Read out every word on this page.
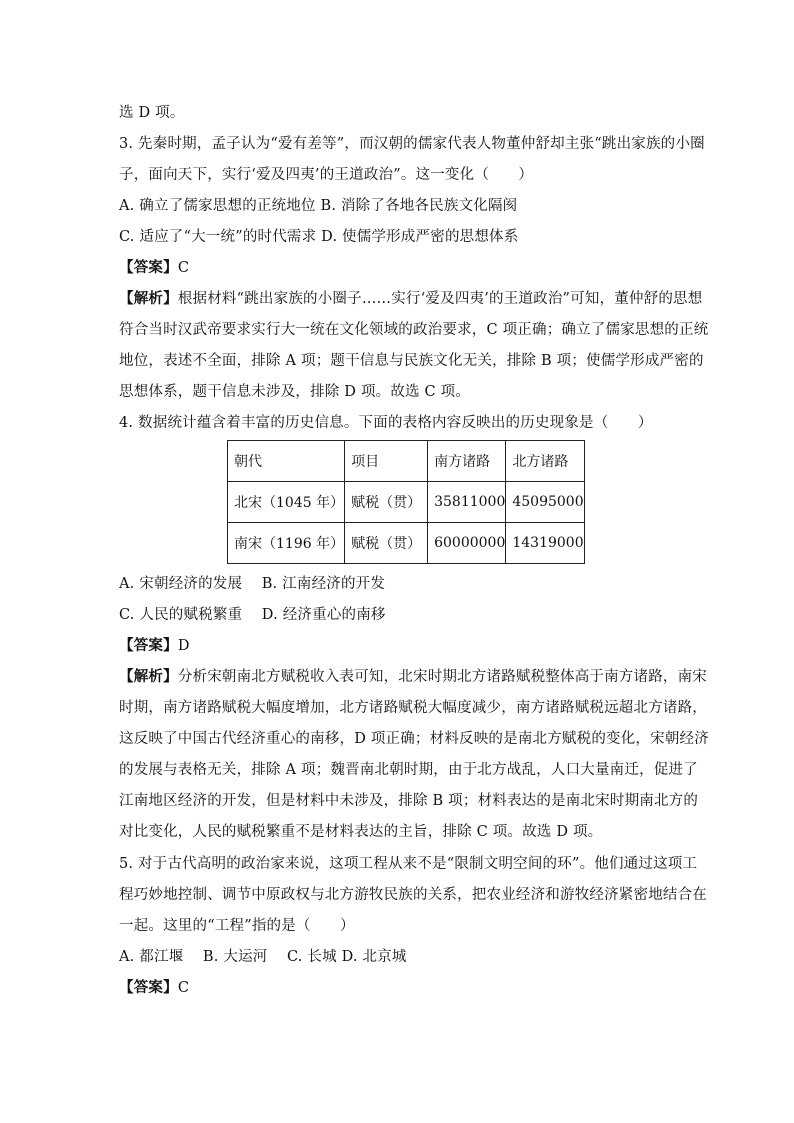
选 D 项。
3. 先秦时期，孟子认为“爱有差等”，而汉朝的儒家代表人物董仲舒却主张“跳出家族的小圈
子，面向天下，实行‘爱及四夷’的王道政治”。这一变化（　　）
A. 确立了儒家思想的正统地位 B. 消除了各地各民族文化隔阂
C. 适应了“大一统”的时代需求 D. 使儒学形成严密的思想体系
【答案】C
【解析】根据材料“跳出家族的小圈子……实行‘爱及四夷’的王道政治”可知，董仲舒的思想
符合当时汉武帝要求实行大一统在文化领域的政治要求，C 项正确；确立了儒家思想的正统
地位，表述不全面，排除 A 项；题干信息与民族文化无关，排除 B 项；使儒学形成严密的
思想体系，题干信息未涉及，排除 D 项。故选 C 项。
4. 数据统计蕴含着丰富的历史信息。下面的表格内容反映出的历史现象是（　　）
朝代	项目	南方诸路	北方诸路
北宋（1045 年）	赋税（贯）	35811000	45095000
南宋（1196 年）	赋税（贯）	60000000	14319000
A. 宋朝经济的发展　 B. 江南经济的开发
C. 人民的赋税繁重　 D. 经济重心的南移
【答案】D
【解析】分析宋朝南北方赋税收入表可知，北宋时期北方诸路赋税整体高于南方诸路，南宋
时期，南方诸路赋税大幅度增加，北方诸路赋税大幅度减少，南方诸路赋税远超北方诸路，
这反映了中国古代经济重心的南移，D 项正确；材料反映的是南北方赋税的变化，宋朝经济
的发展与表格无关，排除 A 项；魏晋南北朝时期，由于北方战乱，人口大量南迁，促进了
江南地区经济的开发，但是材料中未涉及，排除 B 项；材料表达的是南北宋时期南北方的
对比变化，人民的赋税繁重不是材料表达的主旨，排除 C 项。故选 D 项。
5. 对于古代高明的政治家来说，这项工程从来不是“限制文明空间的环”。他们通过这项工
程巧妙地控制、调节中原政权与北方游牧民族的关系，把农业经济和游牧经济紧密地结合在
一起。这里的“工程”指的是（　　）
A. 都江堰　 B. 大运河　 C. 长城 D. 北京城
【答案】C
